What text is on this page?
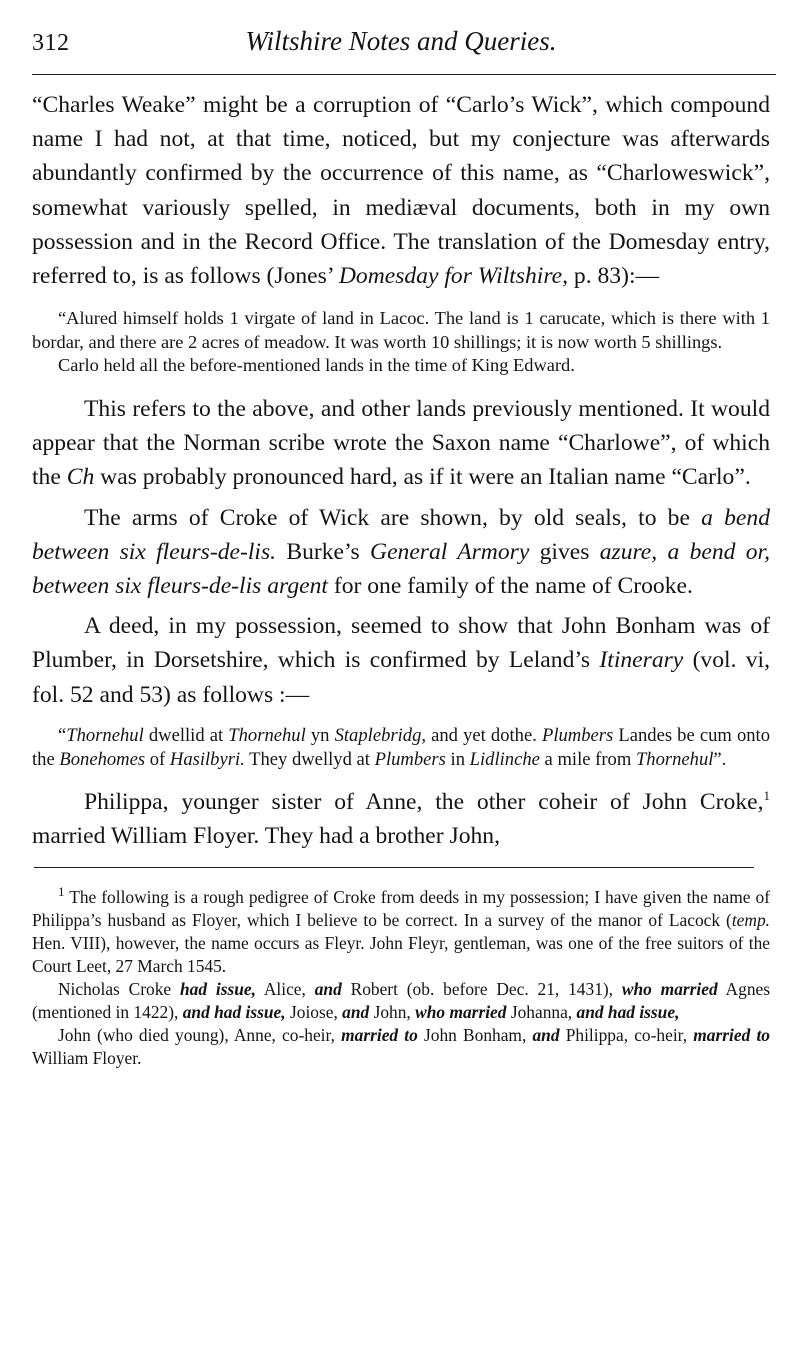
312	Wiltshire Notes and Queries.

“Charles Weake” might be a corruption of “Carlo’s Wick”, which compound name I had not, at that time, noticed, but my conjecture was afterwards abundantly confirmed by the occurrence of this name, as “Charloweswick”, somewhat variously spelled, in mediæval documents, both in my own possession and in the Record Office. The translation of the Domesday entry, referred to, is as follows (Jones’ Domesday for Wiltshire, p. 83):—

“Alured himself holds 1 virgate of land in Lacoc. The land is 1 carucate, which is there with 1 bordar, and there are 2 acres of meadow. It was worth 10 shillings; it is now worth 5 shillings.

Carlo held all the before-mentioned lands in the time of King Edward.

This refers to the above, and other lands previously mentioned. It would appear that the Norman scribe wrote the Saxon name “Charlowe”, of which the Ch was probably pronounced hard, as if it were an Italian name “Carlo”.

The arms of Croke of Wick are shown, by old seals, to be a bend between six fleurs-de-lis. Burke’s General Armory gives azure, a bend or, between six fleurs-de-lis argent for one family of the name of Crooke.

A deed, in my possession, seemed to show that John Bonham was of Plumber, in Dorsetshire, which is confirmed by Leland’s Itinerary (vol. vi, fol. 52 and 53) as follows :—

“Thornehul dwellid at Thornehul yn Staplebridg, and yet dothe. Plumbers Landes be cum onto the Bonehomes of Hasilbyri. They dwellyd at Plumbers in Lidlinche a mile from Thornehul”.

Philippa, younger sister of Anne, the other coheir of John Croke,$^1$ married William Floyer. They had a brother John,

$^1$ The following is a rough pedigree of Croke from deeds in my possession; I have given the name of Philippa’s husband as Floyer, which I believe to be correct. In a survey of the manor of Lacock (temp. Hen. VIII), however, the name occurs as Fleyr. John Fleyr, gentleman, was one of the free suitors of the Court Leet, 27 March 1545.

Nicholas Croke had issue, Alice, and Robert (ob. before Dec. 21, 1431), who married Agnes (mentioned in 1422), and had issue, Joiose, and John, who married Johanna, and had issue,

John (who died young), Anne, co-heir, married to John Bonham, and Philippa, co-heir, married to William Floyer.
